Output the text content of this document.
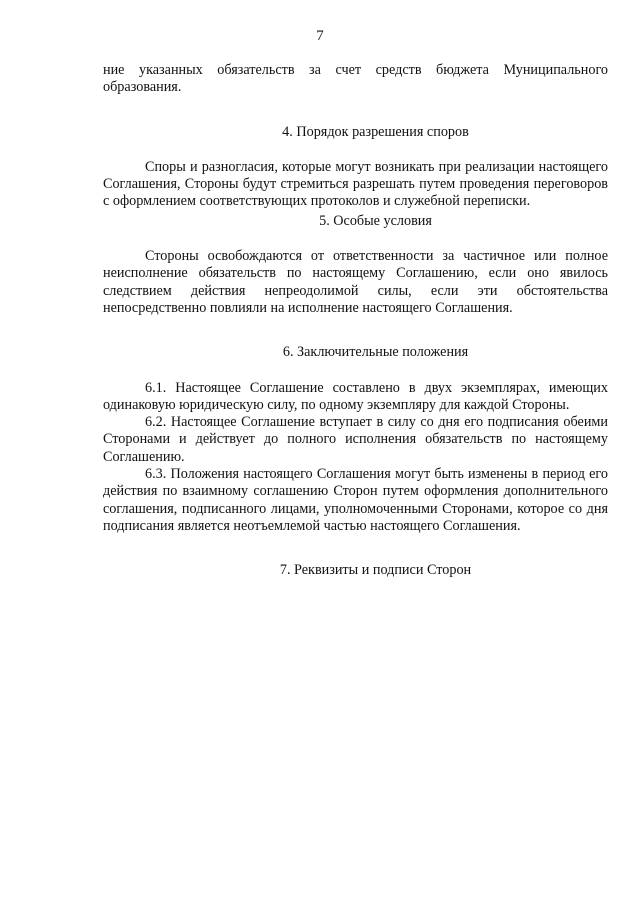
7

ние указанных обязательств за счет средств бюджета Муниципального образования.

4. Порядок разрешения споров

Споры и разногласия, которые могут возникать при реализации настоящего Соглашения, Стороны будут стремиться разрешать путем проведения переговоров с оформлением соответствующих протоколов и служебной переписки.

5. Особые условия

Стороны освобождаются от ответственности за частичное или полное неисполнение обязательств по настоящему Соглашению, если оно явилось следствием действия непреодолимой силы, если эти обстоятельства непосредственно повлияли на исполнение настоящего Соглашения.

6. Заключительные положения

6.1. Настоящее Соглашение составлено в двух экземплярах, имеющих одинаковую юридическую силу, по одному экземпляру для каждой Стороны.

6.2. Настоящее Соглашение вступает в силу со дня его подписания обеими Сторонами и действует до полного исполнения обязательств по настоящему Соглашению.

6.3. Положения настоящего Соглашения могут быть изменены в период его действия по взаимному соглашению Сторон путем оформления дополнительного соглашения, подписанного лицами, уполномоченными Сторонами, которое со дня подписания является неотъемлемой частью настоящего Соглашения.

7. Реквизиты и подписи Сторон
